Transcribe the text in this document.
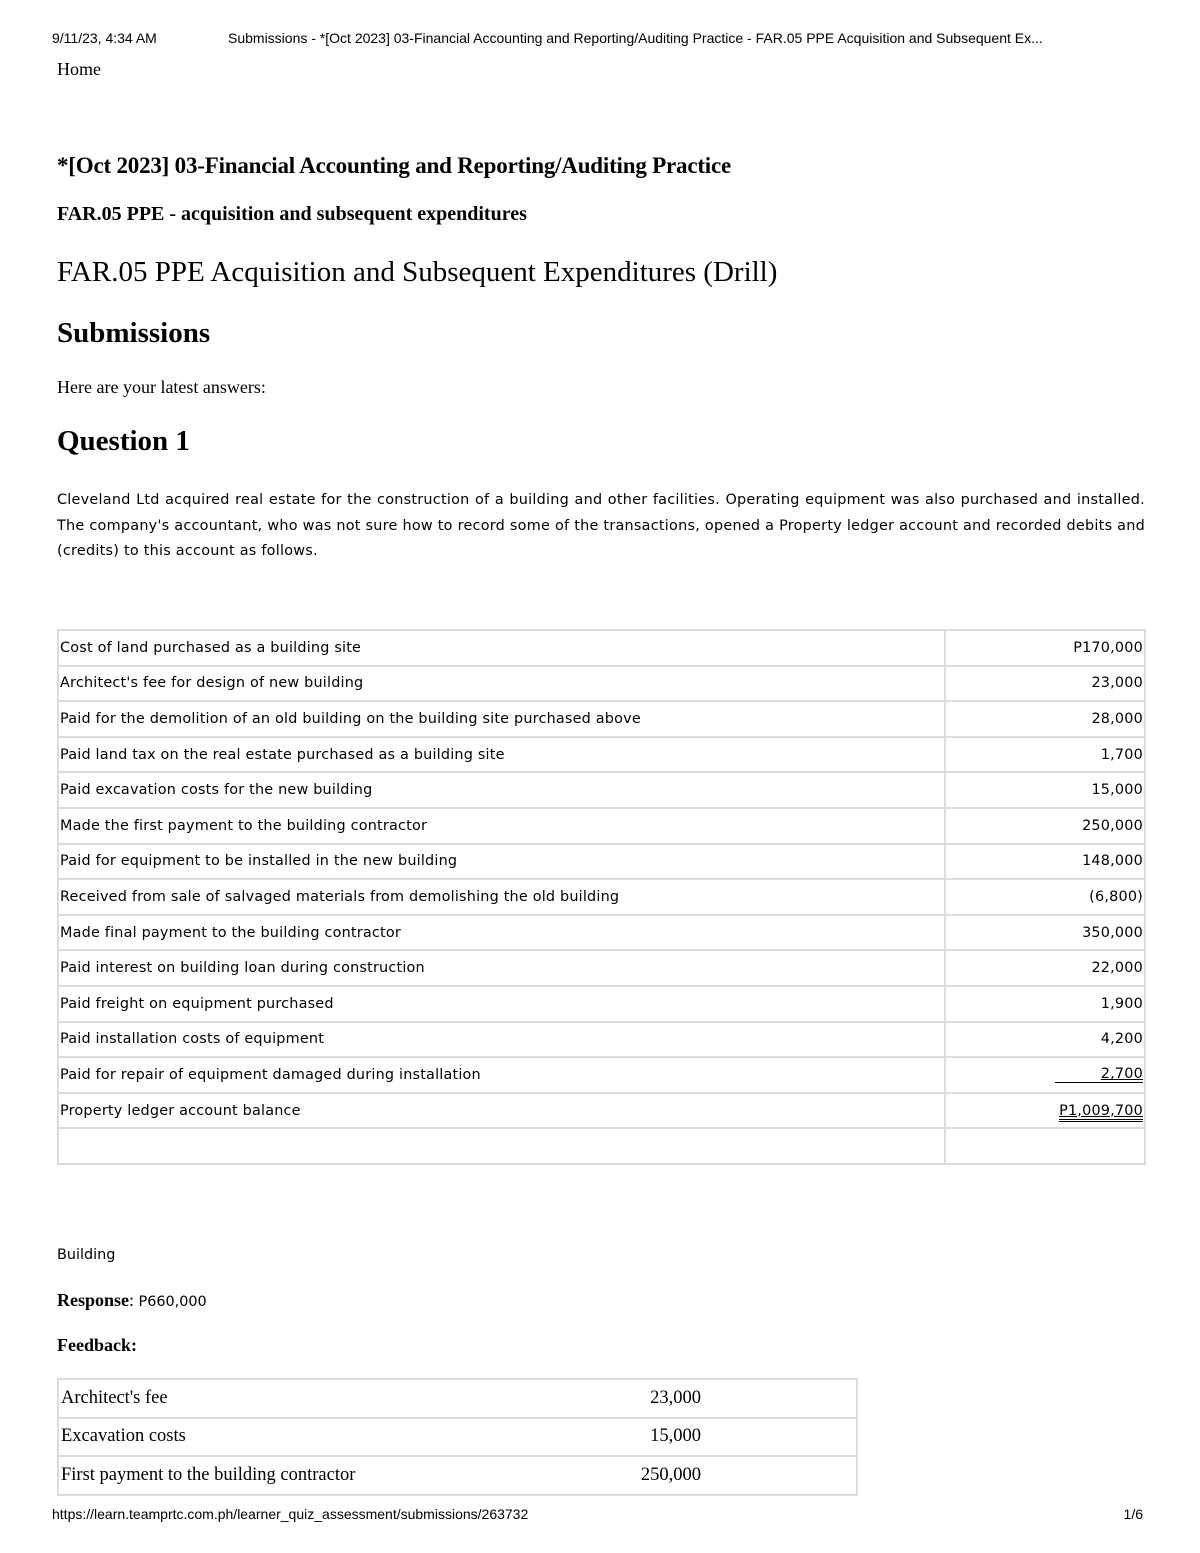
9/11/23, 4:34 AM	Submissions - *[Oct 2023] 03-Financial Accounting and Reporting/Auditing Practice - FAR.05 PPE Acquisition and Subsequent Ex...
Home
*[Oct 2023] 03-Financial Accounting and Reporting/Auditing Practice
FAR.05 PPE - acquisition and subsequent expenditures
FAR.05 PPE Acquisition and Subsequent Expenditures (Drill)
Submissions
Here are your latest answers:
Question 1
Cleveland Ltd acquired real estate for the construction of a building and other facilities. Operating equipment was also purchased and installed. The company's accountant, who was not sure how to record some of the transactions, opened a Property ledger account and recorded debits and (credits) to this account as follows.
Cost of land purchased as a building site	P170,000
Architect's fee for design of new building	23,000
Paid for the demolition of an old building on the building site purchased above	28,000
Paid land tax on the real estate purchased as a building site	1,700
Paid excavation costs for the new building	15,000
Made the first payment to the building contractor	250,000
Paid for equipment to be installed in the new building	148,000
Received from sale of salvaged materials from demolishing the old building	(6,800)
Made final payment to the building contractor	350,000
Paid interest on building loan during construction	22,000
Paid freight on equipment purchased	1,900
Paid installation costs of equipment	4,200
Paid for repair of equipment damaged during installation	2,700
Property ledger account balance	P1,009,700

Building
Response: P660,000
Feedback:
Architect's fee	23,000	
Excavation costs	15,000	
First payment to the building contractor	250,000	
https://learn.teamprtc.com.ph/learner_quiz_assessment/submissions/263732	1/6
